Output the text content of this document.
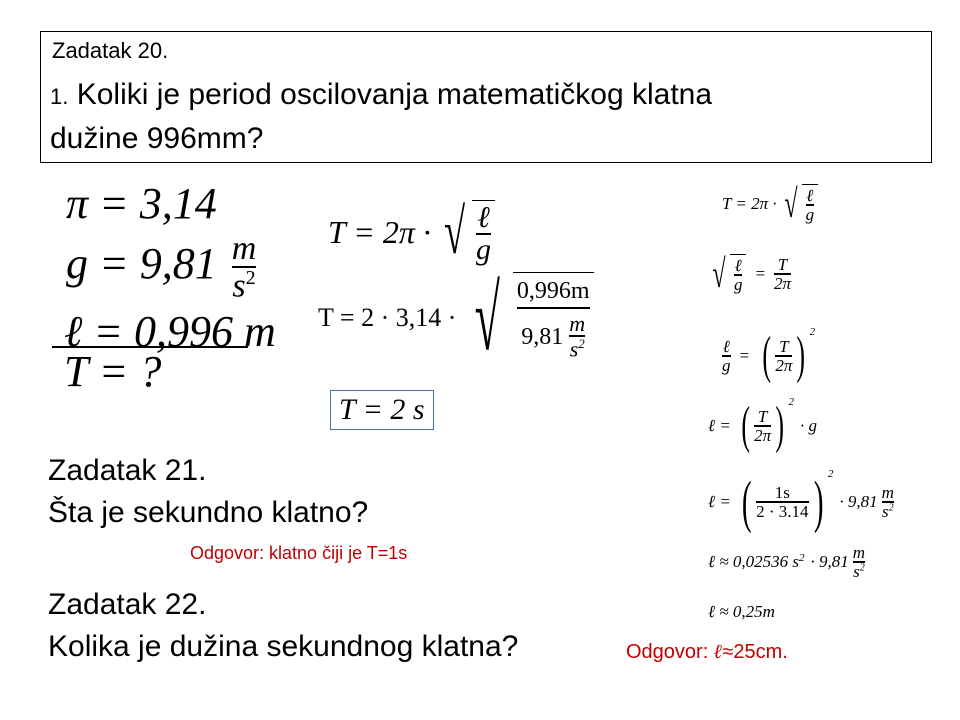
Zadatak 20.
1. Koliki je period oscilovanja matematičkog klatna
dužine 996mm?
π = 3,14
$g = 9,81 \frac{m}{s^2}$
ℓ = 0,996 m
T = ?
T = 2π · √ $\frac{\text{ℓ}}{g}$
T = 2 · 3,14 · √ $\frac{0,996m}{9,81 \frac{m}{s^2}}$
T = 2 s
T = 2π · √ $\frac{\text{ℓ}}{g}$
√ $\frac{\text{ℓ}}{g} = \frac{T}{2\pi}$
$\frac{\text{ℓ}}{g}$ = ( $\frac{T}{2\pi}$ ) $^2$
ℓ = ( $\frac{T}{2\pi}$ ) $^2$
· g
ℓ = ( $\frac{1s}{2 \cdot 3.14}$ ) $^2$
· $9,81 \frac{m}{s^2}$
ℓ ≈ 0,02536 $s^2 \cdot 9,81 \frac{m}{s^2}$
ℓ ≈ 0,25m
Zadatak 21.
Šta je sekundno klatno?
Odgovor: klatno čiji je T=1s
Zadatak 22.
Kolika je dužina sekundnog klatna?	Odgovor: ℓ≈25cm.
